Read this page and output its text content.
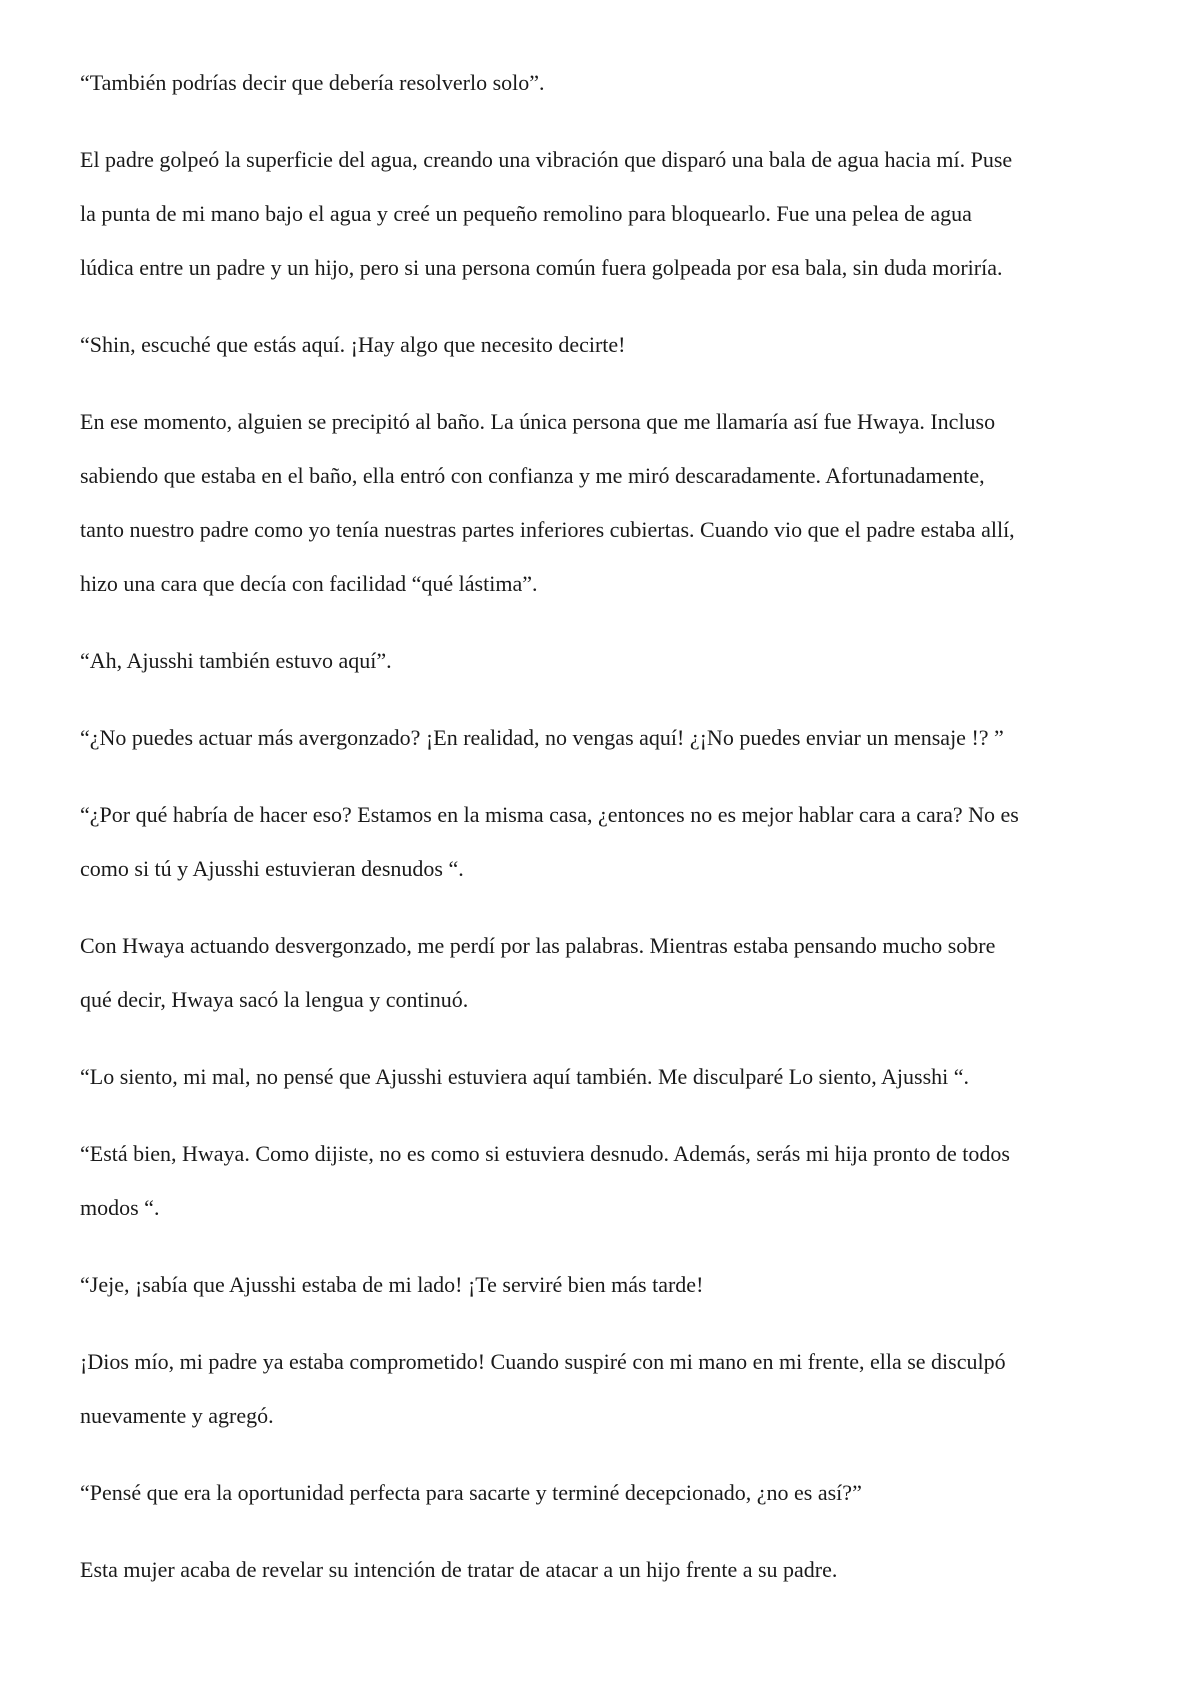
“También podrías decir que debería resolverlo solo”.

El padre golpeó la superficie del agua, creando una vibración que disparó una bala de agua hacia mí. Puse
la punta de mi mano bajo el agua y creé un pequeño remolino para bloquearlo. Fue una pelea de agua
lúdica entre un padre y un hijo, pero si una persona común fuera golpeada por esa bala, sin duda moriría.

“Shin, escuché que estás aquí. ¡Hay algo que necesito decirte!

En ese momento, alguien se precipitó al baño. La única persona que me llamaría así fue Hwaya. Incluso
sabiendo que estaba en el baño, ella entró con confianza y me miró descaradamente. Afortunadamente,
tanto nuestro padre como yo tenía nuestras partes inferiores cubiertas. Cuando vio que el padre estaba allí,
hizo una cara que decía con facilidad “qué lástima”.

“Ah, Ajusshi también estuvo aquí”.

“¿No puedes actuar más avergonzado? ¡En realidad, no vengas aquí! ¿¡No puedes enviar un mensaje !? ”

“¿Por qué habría de hacer eso? Estamos en la misma casa, ¿entonces no es mejor hablar cara a cara? No es
como si tú y Ajusshi estuvieran desnudos “.

Con Hwaya actuando desvergonzado, me perdí por las palabras. Mientras estaba pensando mucho sobre
qué decir, Hwaya sacó la lengua y continuó.

“Lo siento, mi mal, no pensé que Ajusshi estuviera aquí también. Me disculparé Lo siento, Ajusshi “.

“Está bien, Hwaya. Como dijiste, no es como si estuviera desnudo. Además, serás mi hija pronto de todos
modos “.

“Jeje, ¡sabía que Ajusshi estaba de mi lado! ¡Te serviré bien más tarde!

¡Dios mío, mi padre ya estaba comprometido! Cuando suspiré con mi mano en mi frente, ella se disculpó
nuevamente y agregó.

“Pensé que era la oportunidad perfecta para sacarte y terminé decepcionado, ¿no es así?”

Esta mujer acaba de revelar su intención de tratar de atacar a un hijo frente a su padre.
